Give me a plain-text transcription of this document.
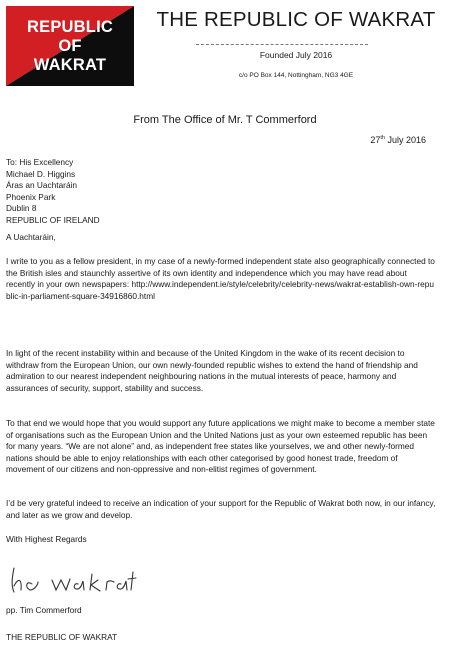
REPUBLIC
OF
WAKRAT
THE REPUBLIC OF WAKRAT
Founded July 2016
c/o PO Box 144, Nottingham, NG3 4GE
From The Office of Mr. T Commerford
27th July 2016
To: His Excellency
Michael D. Higgins
Áras an Uachtaráin
Phoenix Park
Dublin 8
REPUBLIC OF IRELAND
A Uachtaráin,
I write to you as a fellow president, in my case of a newly-formed independent state also geographically connected to the British isles and staunchly assertive of its own identity and independence which you may have read about recently in your own newspapers: http://www.independent.ie/style/celebrity/celebrity-news/wakrat-establish-own-republic-in-parliament-square-34916860.html
In light of the recent instability within and because of the United Kingdom in the wake of its recent decision to withdraw from the European Union, our own newly-founded republic wishes to extend the hand of friendship and admiration to our nearest independent neighbouring nations in the mutual interests of peace, harmony and assurances of security, support, stability and success.
To that end we would hope that you would support any future applications we might make to become a member state of organisations such as the European Union and the United Nations just as your own esteemed republic has been for many years. “We are not alone” and, as independent free states like yourselves, we and other newly-formed nations should be able to enjoy relationships with each other categorised by good honest trade, freedom of movement of our citizens and non-oppressive and non-elitist regimes of government.
I’d be very grateful indeed to receive an indication of your support for the Republic of Wakrat both now, in our infancy, and later as we grow and develop.
With Highest Regards
pp. Tim Commerford
THE REPUBLIC OF WAKRAT
